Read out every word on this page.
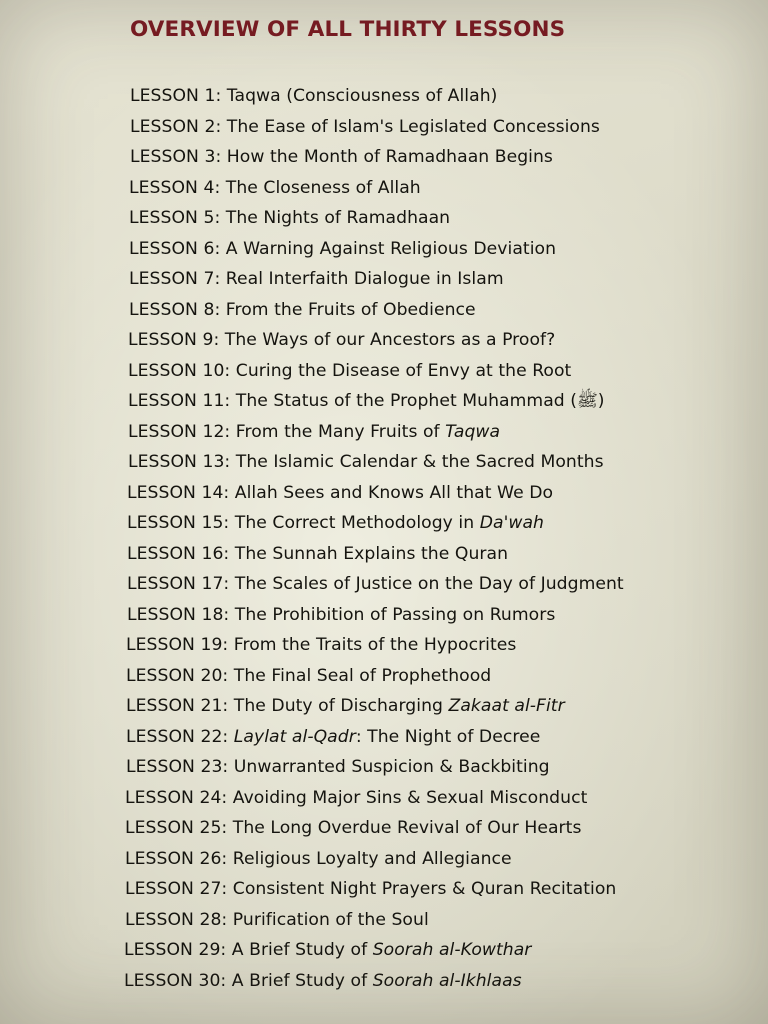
OVERVIEW OF ALL THIRTY LESSONS
LESSON 1: Taqwa (Consciousness of Allah)
LESSON 2: The Ease of Islam's Legislated Concessions
LESSON 3: How the Month of Ramadhaan Begins
LESSON 4: The Closeness of Allah
LESSON 5: The Nights of Ramadhaan
LESSON 6: A Warning Against Religious Deviation
LESSON 7: Real Interfaith Dialogue in Islam
LESSON 8: From the Fruits of Obedience
LESSON 9: The Ways of our Ancestors as a Proof?
LESSON 10: Curing the Disease of Envy at the Root
LESSON 11: The Status of the Prophet Muhammad (ﷺ)
LESSON 12: From the Many Fruits of Taqwa
LESSON 13: The Islamic Calendar & the Sacred Months
LESSON 14: Allah Sees and Knows All that We Do
LESSON 15: The Correct Methodology in Da'wah
LESSON 16: The Sunnah Explains the Quran
LESSON 17: The Scales of Justice on the Day of Judgment
LESSON 18: The Prohibition of Passing on Rumors
LESSON 19: From the Traits of the Hypocrites
LESSON 20: The Final Seal of Prophethood
LESSON 21: The Duty of Discharging Zakaat al-Fitr
LESSON 22: Laylat al-Qadr: The Night of Decree
LESSON 23: Unwarranted Suspicion & Backbiting
LESSON 24: Avoiding Major Sins & Sexual Misconduct
LESSON 25: The Long Overdue Revival of Our Hearts
LESSON 26: Religious Loyalty and Allegiance
LESSON 27: Consistent Night Prayers & Quran Recitation
LESSON 28: Purification of the Soul
LESSON 29: A Brief Study of Soorah al-Kowthar
LESSON 30: A Brief Study of Soorah al-Ikhlaas
